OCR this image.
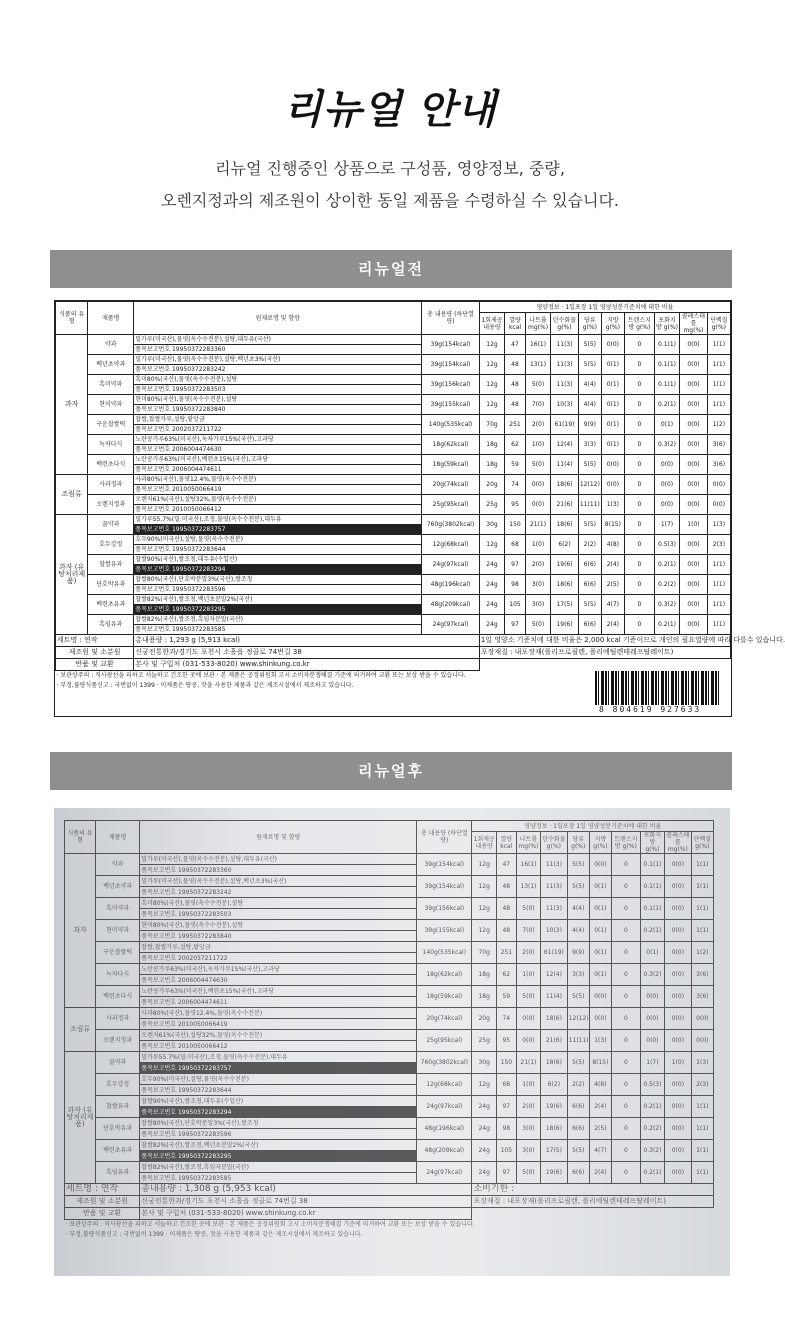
리뉴얼 안내
리뉴얼 진행중인 상품으로 구성품, 영양정보, 중량,
오렌지정과의 제조원이 상이한 동일 제품을 수령하실 수 있습니다.
리뉴얼전
식품의 유형	제품명	원재료명 및 함량	총 내용량 (하단열량)	영양정보 · 1일포장 1일 영양성분기준치에 대한 비율									
				1회제공 내용량	열량kcal	나트륨 mg(%)	탄수화물 g(%)	당류 g(%)	지방 g(%)	트랜스지방 g(%)	포화지방 g(%)	콜레스테롤 mg(%)	단백질 g(%)
과자	약과	밀가루(미국산),물엿(옥수수전분),설탕,대두유(국산)	39g(154kcal)	12g	47	16(1)	11(3)	5(5)	0(0)	0	0.1(1)	0(0)	1(1)
		품목보고번호 19950372283360											
	백년초약과	밀가루(미국산),물엿(옥수수전분),설탕,백년초3%(국산)	39g(154kcal)	12g	48	13(1)	11(3)	5(5)	0(1)	0	0.1(1)	0(0)	1(1)
		품목보고번호 19950372283242											
	흑미약과	흑미80%(국산),물엿(옥수수전분),설탕	39g(156kcal)	12g	48	5(0)	11(3)	4(4)	0(1)	0	0.1(1)	0(0)	1(1)
		품목보고번호 19950372283503											
	현미약과	현미80%(국산),물엿(옥수수전분),설탕	39g(155kcal)	12g	48	7(0)	10(3)	4(4)	0(1)	0	0.2(1)	0(0)	1(1)
		품목보고번호 19950372283840											
	구운찹쌀떡	찹쌀,찹쌀가루,설탕,팥앙금	140g(535kcal)	70g	251	2(0)	61(19)	9(9)	0(1)	0	0(1)	0(0)	1(2)
		품목보고번호 2002037211722											
	녹차다식	노란콩가루63%(미국산),녹차가루15%(국산),고과당	18g(62kcal)	18g	62	1(0)	12(4)	3(3)	0(1)	0	0.3(2)	0(0)	3(6)
		품목보고번호 2006004474630											
	백련초다식	노란콩가루63%(미국산),백련초15%(국산),고과당	18g(59kcal)	18g	59	5(0)	11(4)	5(5)	0(0)	0	0(0)	0(0)	3(6)
		품목보고번호 2006004474611											
조림류	사과정과	사과80%(국산),물엿12.4%,물엿(옥수수전분)	20g(74kcal)	20g	74	0(0)	18(6)	12(12)	0(0)	0	0(0)	0(0)	0(0)
		품목보고번호 2010050066419											
	오렌지정과	오렌지61%(국산),설탕32%,물엿(옥수수전분)	25g(95kcal)	25g	95	0(0)	21(6)	11(11)	1(3)	0	0(0)	0(0)	0(0)
		품목보고번호 2010050066412											
과자 (유탕처리제품)	꿀약과	밀가루55.7%(밀:미국산),조청,물엿(옥수수전분),대두유	760g(3802kcal)	30g	150	21(1)	18(6)	5(5)	8(15)	0	1(7)	1(0)	1(3)
		품목보고번호 19950372283757											
	호두강정	호두90%(미국산),설탕,물엿(옥수수전분)	12g(68kcal)	12g	68	1(0)	6(2)	2(2)	4(8)	0	0.5(3)	0(0)	2(3)
		품목보고번호 19950372283644											
	찹쌀유과	찹쌀90%(국산),쌀조청,대두유(수입산)	24g(97kcal)	24g	97	2(0)	19(6)	6(6)	2(4)	0	0.2(1)	0(0)	1(1)
		품목보고번호 19950372283294											
	단호박유과	찹쌀80%(국산),단호박분말3%(국산),쌀조청	48g(196kcal)	24g	98	3(0)	18(6)	6(6)	2(5)	0	0.2(2)	0(0)	1(1)
		품목보고번호 19950372283596											
	백련초유과	찹쌀82%(국산),쌀조청,백년초분말2%(국산)	48g(209kcal)	24g	105	3(0)	17(5)	5(5)	4(7)	0	0.3(2)	0(0)	1(1)
		품목보고번호 19950372283295											
	흑임유과	찹쌀82%(국산),쌀조청,흑임자분말(국산)	24g(97kcal)	24g	97	5(0)	19(6)	6(6)	2(4)	0	0.2(1)	0(0)	1(1)
		품목보고번호 19950372283585											
세트명 : 연작		총내용량 : 1,293 g (5,913 kcal)		1일 영양소 기준치에 대한 비율은 2,000 kcal 기준이므로 개인의 필요열량에 따라 다를수 있습니다.									
제조원 및 소분원		신궁전통한과/경기도 포천시 소흘읍 정골로 74번길 38		포장재질 : 내포장재(폴리프로필렌, 폴리에틸렌테레프탈레이트)									
반품 및 교환		본사 및 구입처 (031-533-8020) www.shinkung.co.kr											
· 보관상주의 : 직사광선을 피하고 서늘하고 건조한 곳에 보관 · 본 제품은 공정위원회 고시 소비자분쟁해결 기준에 의거하여 교환 또는 보상 받을 수 있습니다.													
· 부정,불량식품신고 : 국번없이 1399 · 이제품은 땅콩, 잣을 사용한 제품과 같은 제조시설에서 제조하고 있습니다.													
8 804619 927633
리뉴얼후
식품의 유형	제품명	원재료명 및 함량	총 내용량 (하단열량)	영양정보 · 1일포장 1일 영양성분기준치에 대한 비율									
				1회제공 내용량	열량kcal	나트륨 mg(%)	탄수화물 g(%)	당류 g(%)	지방 g(%)	트랜스지방 g(%)	포화지방 g(%)	콜레스테롤 mg(%)	단백질 g(%)
과자	약과	밀가루(미국산),물엿(옥수수전분),설탕,대두유(국산)	39g(154kcal)	12g	47	16(1)	11(3)	5(5)	0(0)	0	0.1(1)	0(0)	1(1)
		품목보고번호 19950372283360											
	백년초약과	밀가루(미국산),물엿(옥수수전분),설탕,백년초3%(국산)	39g(154kcal)	12g	48	13(1)	11(3)	5(5)	0(1)	0	0.1(1)	0(0)	1(1)
		품목보고번호 19950372283242											
	흑미약과	흑미80%(국산),물엿(옥수수전분),설탕	39g(156kcal)	12g	48	5(0)	11(3)	4(4)	0(1)	0	0.1(1)	0(0)	1(1)
		품목보고번호 19950372283503											
	현미약과	현미80%(국산),물엿(옥수수전분),설탕	39g(155kcal)	12g	48	7(0)	10(3)	4(4)	0(1)	0	0.2(1)	0(0)	1(1)
		품목보고번호 19950372283840											
	구운찹쌀떡	찹쌀,찹쌀가루,설탕,팥앙금	140g(535kcal)	70g	251	2(0)	61(19)	9(9)	0(1)	0	0(1)	0(0)	1(2)
		품목보고번호 2002037211722											
	녹차다식	노란콩가루63%(미국산),녹차가루15%(국산),고과당	18g(62kcal)	18g	62	1(0)	12(4)	3(3)	0(1)	0	0.3(2)	0(0)	3(6)
		품목보고번호 2006004474630											
	백련초다식	노란콩가루63%(미국산),백련초15%(국산),고과당	18g(59kcal)	18g	59	5(0)	11(4)	5(5)	0(0)	0	0(0)	0(0)	3(6)
		품목보고번호 2006004474611											
조림류	사과정과	사과80%(국산),물엿12.4%,물엿(옥수수전분)	20g(74kcal)	20g	74	0(0)	18(6)	12(12)	0(0)	0	0(0)	0(0)	0(0)
		품목보고번호 2010050066419											
	오렌지정과	오렌지61%(국산),설탕32%,물엿(옥수수전분)	25g(95kcal)	25g	95	0(0)	21(6)	11(11)	1(3)	0	0(0)	0(0)	0(0)
		품목보고번호 2010050066412											
과자 (유탕처리제품)	꿀약과	밀가루55.7%(밀:미국산),조청,물엿(옥수수전분),대두유	760g(3802kcal)	30g	150	21(1)	18(6)	5(5)	8(15)	0	1(7)	1(0)	1(3)
		품목보고번호 19950372283757											
	호두강정	호두90%(미국산),설탕,물엿(옥수수전분)	12g(68kcal)	12g	68	1(0)	6(2)	2(2)	4(8)	0	0.5(3)	0(0)	2(3)
		품목보고번호 19950372283644											
	찹쌀유과	찹쌀90%(국산),쌀조청,대두유(수입산)	24g(97kcal)	24g	97	2(0)	19(6)	6(6)	2(4)	0	0.2(1)	0(0)	1(1)
		품목보고번호 19950372283294											
	단호박유과	찹쌀80%(국산),단호박분말3%(국산),쌀조청	48g(196kcal)	24g	98	3(0)	18(6)	6(6)	2(5)	0	0.2(2)	0(0)	1(1)
		품목보고번호 19950372283596											
	백련초유과	찹쌀82%(국산),쌀조청,백년초분말2%(국산)	48g(209kcal)	24g	105	3(0)	17(5)	5(5)	4(7)	0	0.3(2)	0(0)	1(1)
		품목보고번호 19950372283295											
	흑임유과	찹쌀82%(국산),쌀조청,흑임자분말(국산)	24g(97kcal)	24g	97	5(0)	19(6)	6(6)	2(4)	0	0.2(1)	0(0)	1(1)
		품목보고번호 19950372283585											
세트명 : 연작		총내용량 : 1,308 g (5,953 kcal)		소비기한 :									
제조원 및 소분원		신궁전통한과/경기도 포천시 소흘읍 정골로 74번길 38		포장재질 : 내포장재(폴리프로필렌, 폴리에틸렌테레프탈레이트)									
반품 및 교환		본사 및 구입처 (031-533-8020) www.shinkung.co.kr											
· 보관상주의 : 직사광선을 피하고 서늘하고 건조한 곳에 보관 · 본 제품은 공정위원회 고시 소비자분쟁해결 기준에 의거하여 교환 또는 보상 받을 수 있습니다.													
· 부정,불량식품신고 : 국번없이 1399 · 이제품은 땅콩, 잣을 사용한 제품과 같은 제조시설에서 제조하고 있습니다.													
